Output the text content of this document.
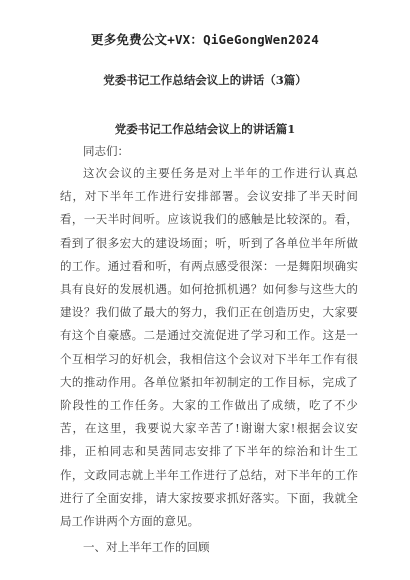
更多免费公文+VX：QiGeGongWen2024
党委书记工作总结会议上的讲话（3篇）
党委书记工作总结会议上的讲话篇1
同志们：

这次会议的主要任务是对上半年的工作进行认真总结，对下半年工作进行安排部署。会议安排了半天时间看，一天半时间听。应该说我们的感触是比较深的。看，看到了很多宏大的建设场面；听，听到了各单位半年所做的工作。通过看和听，有两点感受很深：一是舞阳坝确实具有良好的发展机遇。如何抢抓机遇？如何参与这些大的建设？我们做了最大的努力，我们正在创造历史，大家要有这个自豪感。二是通过交流促进了学习和工作。这是一个互相学习的好机会，我相信这个会议对下半年工作有很大的推动作用。各单位紧扣年初制定的工作目标，完成了阶段性的工作任务。大家的工作做出了成绩，吃了不少苦，在这里，我要说大家辛苦了!谢谢大家!根据会议安排，正柏同志和昊茜同志安排了下半年的综治和计生工作，文政同志就上半年工作进行了总结，对下半年的工作进行了全面安排，请大家按要求抓好落实。下面，我就全局工作讲两个方面的意见。

一、对上半年工作的回顾
